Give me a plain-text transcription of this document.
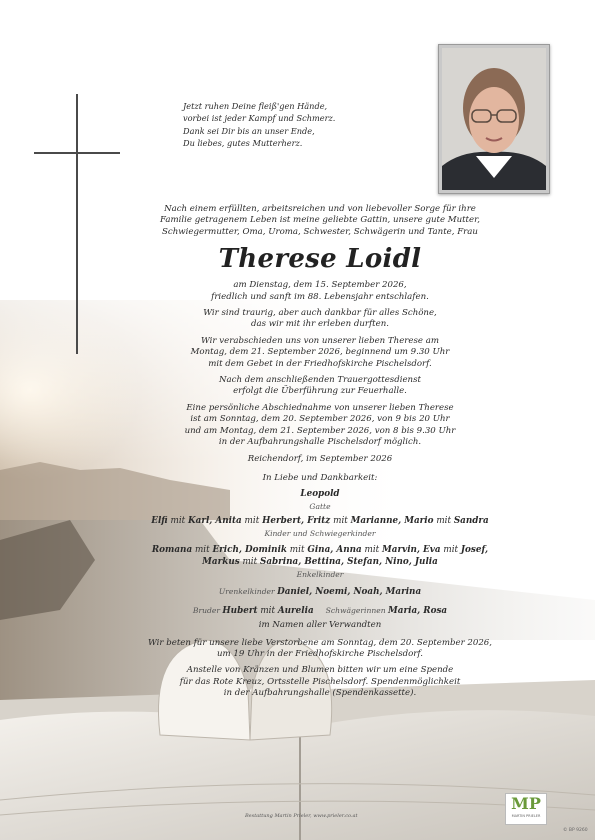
Jetzt ruhen Deine fleiß'gen Hände,
vorbei ist jeder Kampf und Schmerz.
Dank sei Dir bis an unser Ende,
Du liebes, gutes Mutterherz.
Nach einem erfüllten, arbeitsreichen und von liebevoller Sorge für ihre
Familie getragenem Leben ist meine geliebte Gattin, unsere gute Mutter,
Schwiegermutter, Oma, Uroma, Schwester, Schwägerin und Tante, Frau
Therese Loidl
am Dienstag, dem 15. September 2026,
friedlich und sanft im 88. Lebensjahr entschlafen.
Wir sind traurig, aber auch dankbar für alles Schöne,
das wir mit ihr erleben durften.
Wir verabschieden uns von unserer lieben Therese am
Montag, dem 21. September 2026, beginnend um 9.30 Uhr
mit dem Gebet in der Friedhofskirche Pischelsdorf.
Nach dem anschließenden Trauergottesdienst
erfolgt die Überführung zur Feuerhalle.
Eine persönliche Abschiednahme von unserer lieben Therese
ist am Sonntag, dem 20. September 2026, von 9 bis 20 Uhr
und am Montag, dem 21. September 2026, von 8 bis 9.30 Uhr
in der Aufbahrungshalle Pischelsdorf möglich.
Reichendorf, im September 2026
In Liebe und Dankbarkeit:
Leopold
Gatte
Elfi mit Karl, Anita mit Herbert, Fritz mit Marianne, Mario mit Sandra
Kinder und Schwiegerkinder
Romana mit Erich, Dominik mit Gina, Anna mit Marvin, Eva mit Josef,
Markus mit Sabrina, Bettina, Stefan, Nino, Julia
Enkelkinder
Urenkelkinder Daniel, Noemi, Noah, Marina
Bruder Hubert mit Aurelia Schwägerinnen Maria, Rosa
im Namen aller Verwandten
Wir beten für unsere liebe Verstorbene am Sonntag, dem 20. September 2026,
um 19 Uhr in der Friedhofskirche Pischelsdorf.
Anstelle von Kränzen und Blumen bitten wir um eine Spende
für das Rote Kreuz, Ortsstelle Pischelsdorf. Spendenmöglichkeit
in der Aufbahrungshalle (Spendenkassette).
Bestattung Martin Prieler, www.prieler.co.at
MP
MARTIN PRIELER
© BP 9260
